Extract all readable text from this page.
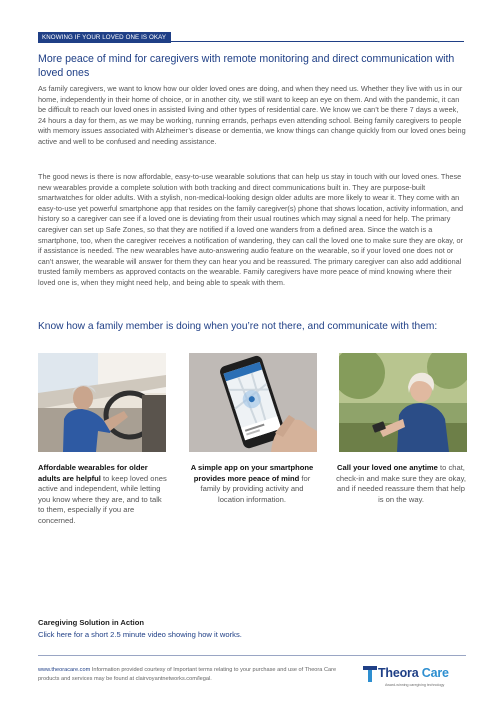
KNOWING IF YOUR LOVED ONE IS OKAY
More peace of mind for caregivers with remote monitoring and direct communication with loved ones

As family caregivers, we want to know how our older loved ones are doing, and when they need us. Whether they live with us in our home, independently in their home of choice, or in another city, we still want to keep an eye on them. And with the pandemic, it can be difficult to reach our loved ones in assisted living and other types of residential care. We know we can’t be there 7 days a week, 24 hours a day for them, as we may be working, running errands, perhaps even attending school. Being family caregivers to people with memory issues associated with Alzheimer’s disease or dementia, we know things can change quickly from our loved ones being active and well to be confused and needing assistance.

The good news is there is now affordable, easy-to-use wearable solutions that can help us stay in touch with our loved ones. These new wearables provide a complete solution with both tracking and direct communications built in. They are purpose-built smartwatches for older adults. With a stylish, non-medical-looking design older adults are more likely to wear it. They come with an easy-to-use yet powerful smartphone app that resides on the family caregiver(s) phone that shows location, activity information, and history so a caregiver can see if a loved one is deviating from their usual routines which may signal a need for help. The primary caregiver can set up Safe Zones, so that they are notified if a loved one wanders from a defined area. Since the watch is a smartphone, too, when the caregiver receives a notification of wandering, they can call the loved one to make sure they are okay, or if assistance is needed. The new wearables have auto-answering audio feature on the wearable, so if your loved one does not or can’t answer, the wearable will answer for them they can hear you and be reassured. The primary caregiver can also add additional trusted family members as approved contacts on the wearable. Family caregivers have more peace of mind knowing where their loved one is, when they might need help, and being able to speak with them.

Know how a family member is doing when you’re not there, and communicate with them:
Affordable wearables for older adults are helpful to keep loved ones active and independent, while letting you know where they are, and to talk to them, especially if you are concerned.
A simple app on your smartphone provides more peace of mind for family by providing activity and location information.
Call your loved one anytime to chat, check-in and make sure they are okay, and if needed reassure them that help is on the way.
Caregiving Solution in Action
Click here for a short 2.5 minute video showing how it works.
www.theoracare.com Information provided courtesy of Important terms relating to your purchase and use of Theora Care products and services may be found at clairvoyantnetworks.com/legal.	Theora Care
Award-winning caregiving technology
